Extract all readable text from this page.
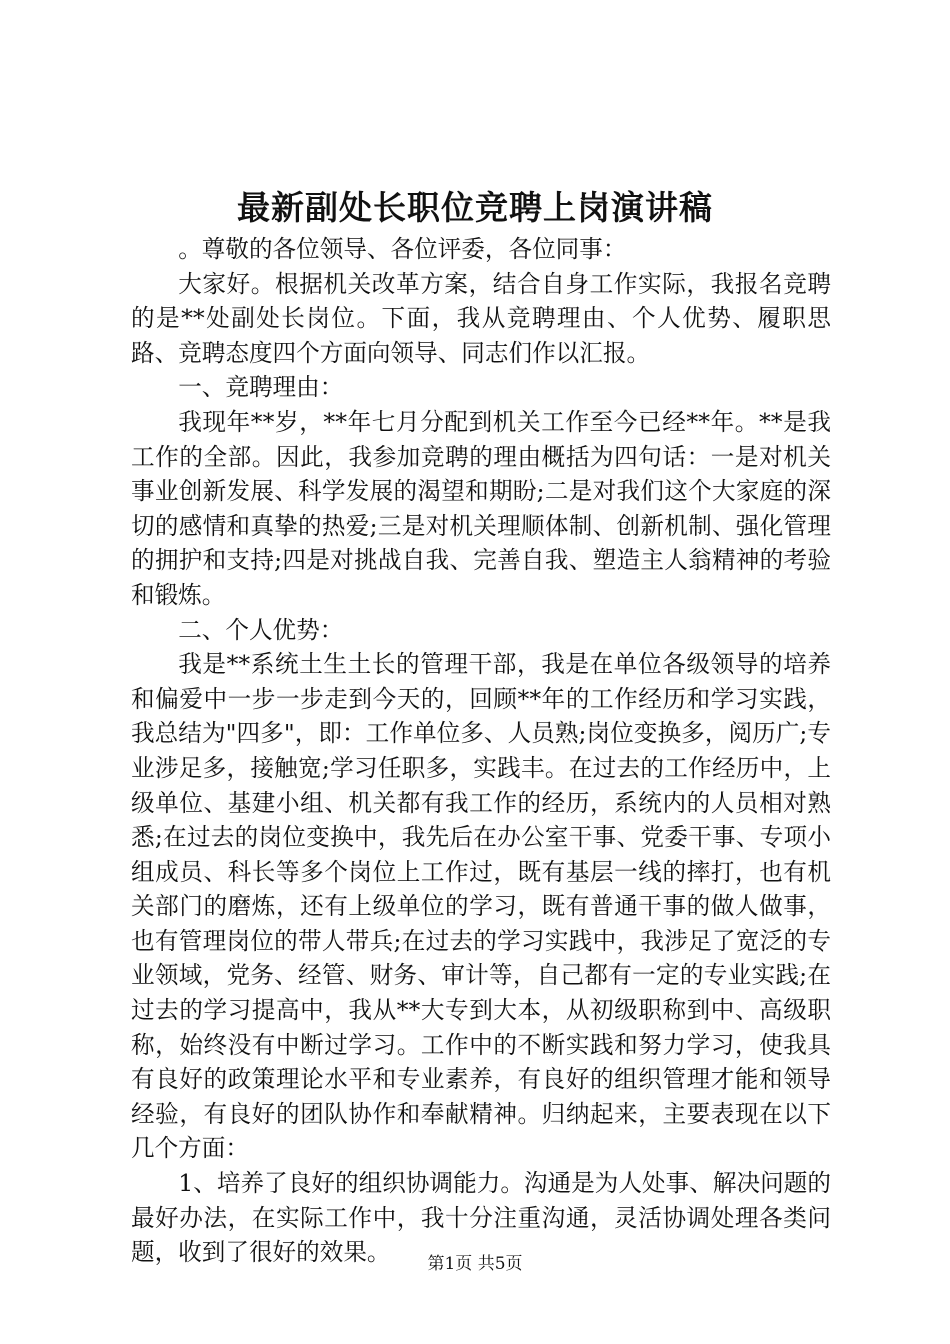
最新副处长职位竞聘上岗演讲稿

。尊敬的各位领导、各位评委，各位同事：

大家好。根据机关改革方案，结合自身工作实际，我报名竞聘的是**处副处长岗位。下面，我从竞聘理由、个人优势、履职思路、竞聘态度四个方面向领导、同志们作以汇报。

一、竞聘理由：

我现年**岁，**年七月分配到机关工作至今已经**年。**是我工作的全部。因此，我参加竞聘的理由概括为四句话：一是对机关事业创新发展、科学发展的渴望和期盼;二是对我们这个大家庭的深切的感情和真挚的热爱;三是对机关理顺体制、创新机制、强化管理的拥护和支持;四是对挑战自我、完善自我、塑造主人翁精神的考验和锻炼。

二、个人优势：

我是**系统土生土长的管理干部，我是在单位各级领导的培养和偏爱中一步一步走到今天的，回顾**年的工作经历和学习实践，我总结为"四多"，即：工作单位多、人员熟;岗位变换多，阅历广;专业涉足多，接触宽;学习任职多，实践丰。在过去的工作经历中，上级单位、基建小组、机关都有我工作的经历，系统内的人员相对熟悉;在过去的岗位变换中，我先后在办公室干事、党委干事、专项小组成员、科长等多个岗位上工作过，既有基层一线的摔打，也有机关部门的磨炼，还有上级单位的学习，既有普通干事的做人做事，也有管理岗位的带人带兵;在过去的学习实践中，我涉足了宽泛的专业领域，党务、经管、财务、审计等，自己都有一定的专业实践;在过去的学习提高中，我从**大专到大本，从初级职称到中、高级职称，始终没有中断过学习。工作中的不断实践和努力学习，使我具有良好的政策理论水平和专业素养，有良好的组织管理才能和领导经验，有良好的团队协作和奉献精神。归纳起来，主要表现在以下几个方面：

1、培养了良好的组织协调能力。沟通是为人处事、解决问题的最好办法，在实际工作中，我十分注重沟通，灵活协调处理各类问题，收到了很好的效果。	第1页 共5页
